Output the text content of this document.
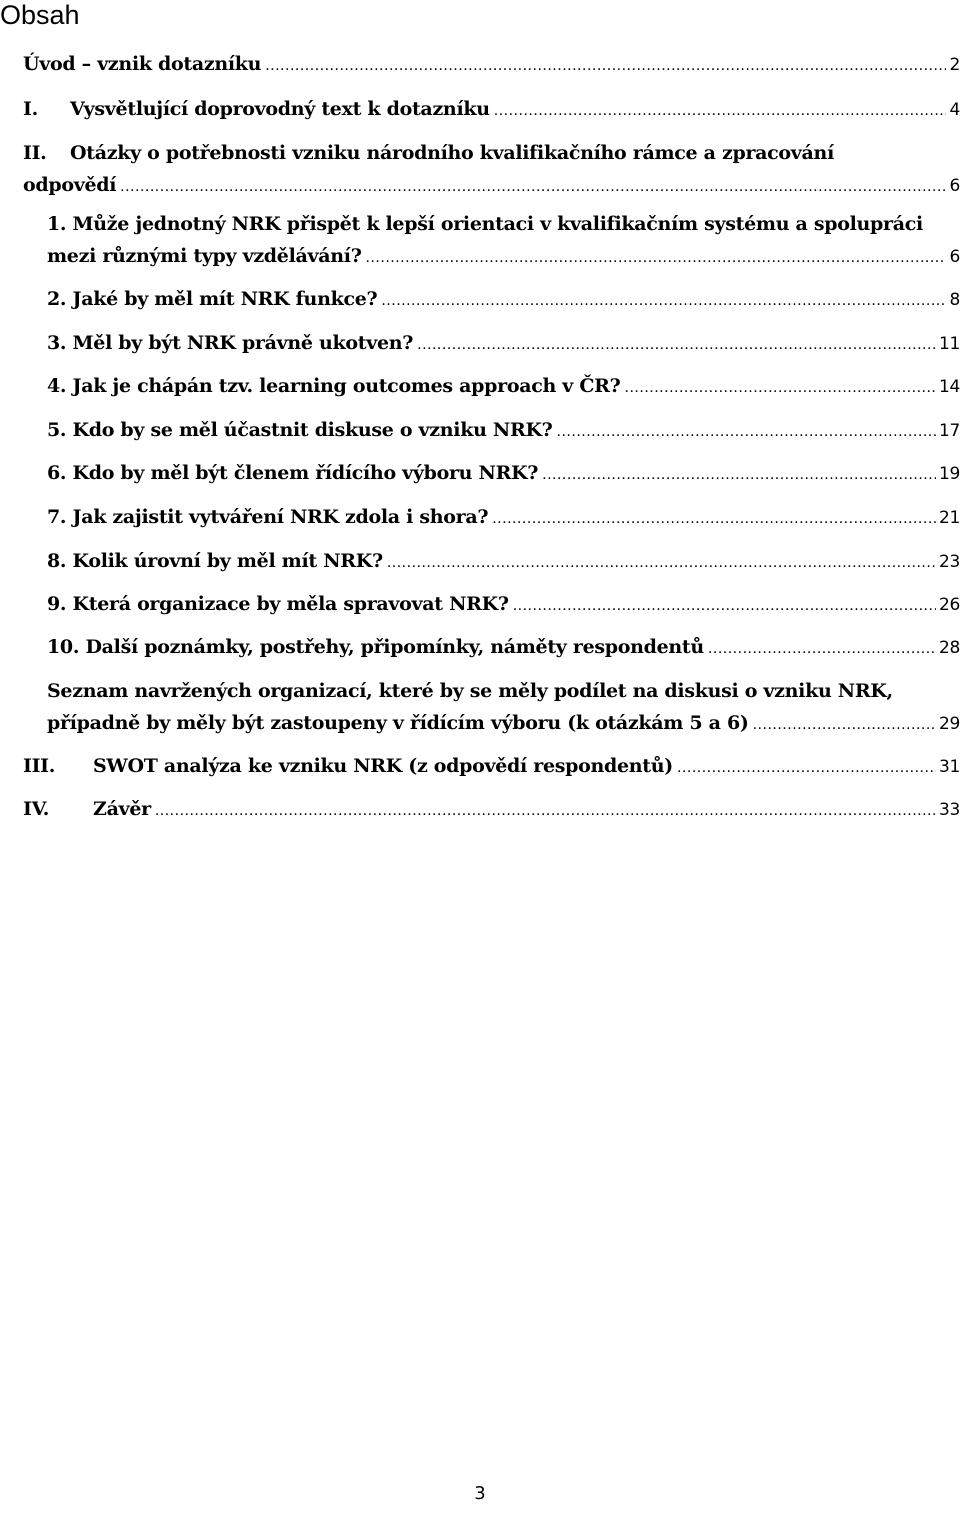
Obsah
Úvod – vznik dotazníku .....	2
I.	Vysvětlující doprovodný text k dotazníku .....	4
II.	Otázky o potřebnosti vzniku národního kvalifikačního rámce a zpracování
odpovědí .....	6
1. Může jednotný NRK přispět k lepší orientaci v kvalifikačním systému a spolupráci
mezi různými typy vzdělávání? .....	6
2. Jaké by měl mít NRK funkce? .....	8
3. Měl by být NRK právně ukotven? .....	11
4. Jak je chápán tzv. learning outcomes approach v ČR? .....	14
5. Kdo by se měl účastnit diskuse o vzniku NRK? .....	17
6. Kdo by měl být členem řídícího výboru NRK? .....	19
7. Jak zajistit vytváření NRK zdola i shora? .....	21
8. Kolik úrovní by měl mít NRK? .....	23
9. Která organizace by měla spravovat NRK? .....	26
10. Další poznámky, postřehy, připomínky, náměty respondentů .....	28
Seznam navržených organizací, které by se měly podílet na diskusi o vzniku NRK,
případně by měly být zastoupeny v řídícím výboru (k otázkám 5 a 6) .....	29
III.	SWOT analýza ke vzniku NRK (z odpovědí respondentů) .....	31
IV.	Závěr .....	33
3
